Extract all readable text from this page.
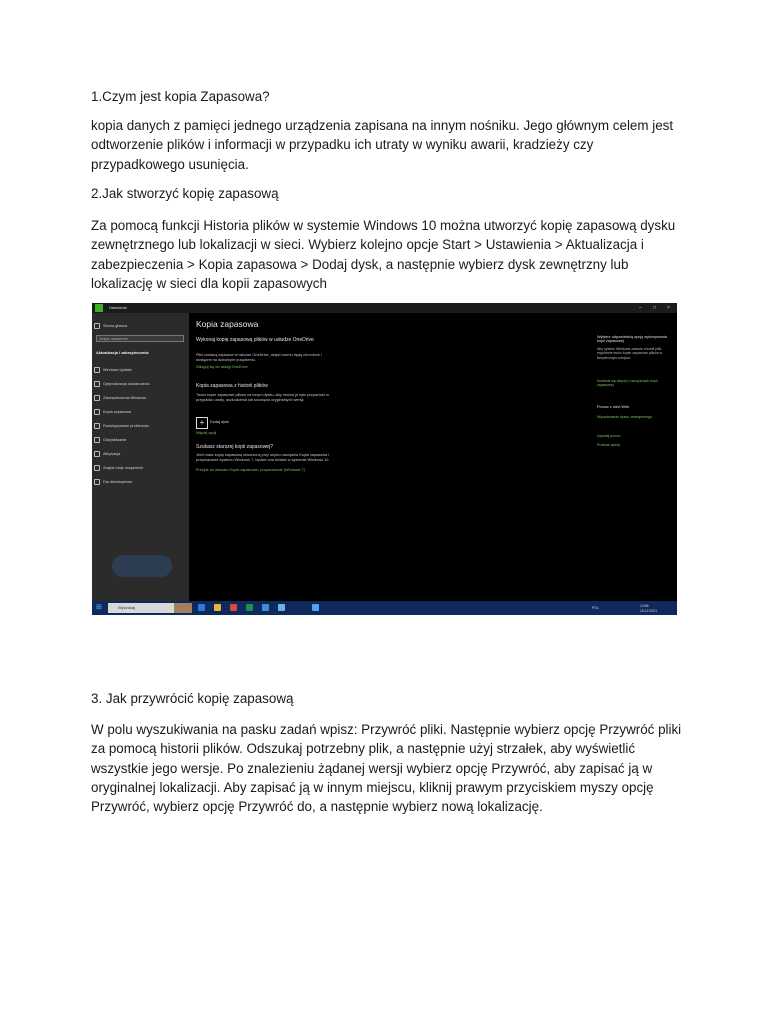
1.Czym jest kopia Zapasowa?

kopia danych z pamięci jednego urządzenia zapisana na innym nośniku. Jego głównym celem jest odtworzenie plików i informacji w przypadku ich utraty w wyniku awarii, kradzieży czy przypadkowego usunięcia.

2.Jak stworzyć kopię zapasową

Za pomocą funkcji Historia plików w systemie Windows 10 można utworzyć kopię zapasową dysku zewnętrznego lub lokalizacji w sieci. Wybierz kolejno opcje Start > Ustawienia > Aktualizacja i zabezpieczenia > Kopia zapasowa > Dodaj dysk, a następnie wybierz dysk zewnętrzny lub lokalizację w sieci dla kopii zapasowych

3. Jak przywrócić kopię zapasową

W polu wyszukiwania na pasku zadań wpisz: Przywróć pliki. Następnie wybierz opcję Przywróć pliki za pomocą historii plików. Odszukaj potrzebny plik, a następnie użyj strzałek, aby wyświetlić wszystkie jego wersje. Po znalezieniu żądanej wersji wybierz opcję Przywróć, aby zapisać ją w oryginalnej lokalizacji. Aby zapisać ją w innym miejscu, kliknij prawym przyciskiem myszy opcję Przywróć, wybierz opcję Przywróć do, a następnie wybierz nową lokalizację.

Ustawienia	– □ ×
Strona główna
Znajdź ustawienie
Aktualizacja i zabezpieczenia
Windows Update
Optymalizacja dostarczania
Zabezpieczenia Windows
Kopia zapasowa
Rozwiązywanie problemów
Odzyskiwanie
Aktywacja
Znajdź moje urządzenie
Dla deweloperów
Kopia zapasowa
Wykonaj kopię zapasową plików w usłudze OneDrive
Pliki zostaną zapisane w usłudze OneDrive, dzięki czemu będą chronione i dostępne na dowolnym urządzeniu.
Zaloguj się do usługi OneDrive
Kopia zapasowa z historii plików
Twórz kopie zapasowe plików na innym dysku, aby można je było przywrócić w przypadku utraty, uszkodzenia lub usunięcia oryginalnych wersji.
+	Dodaj dysk
Więcej opcji
Szukasz starszej kopii zapasowej?
Jeśli masz kopię zapasową utworzoną przy użyciu narzędzia Kopia zapasowa i przywracanie systemu Windows 7, będzie ona działać w systemie Windows 10.
Przejdź do obszaru Kopia zapasowa i przywracanie (Windows 7)
Wybierz odpowiednią opcję wykonywania kopii zapasowej
Aby system Windows zawsze chronił pliki, regularnie twórz kopie zapasowe plików w bezpiecznym miejscu.
Dowiedz się więcej o narzędziach kopii zapasowej
Pomoc z sieci Web
Wyszukiwanie dysku zewnętrznego
Uzyskaj pomoc
Przekaż opinię
⊞	Wyszukaj	POL	13:55
15.12.2021
